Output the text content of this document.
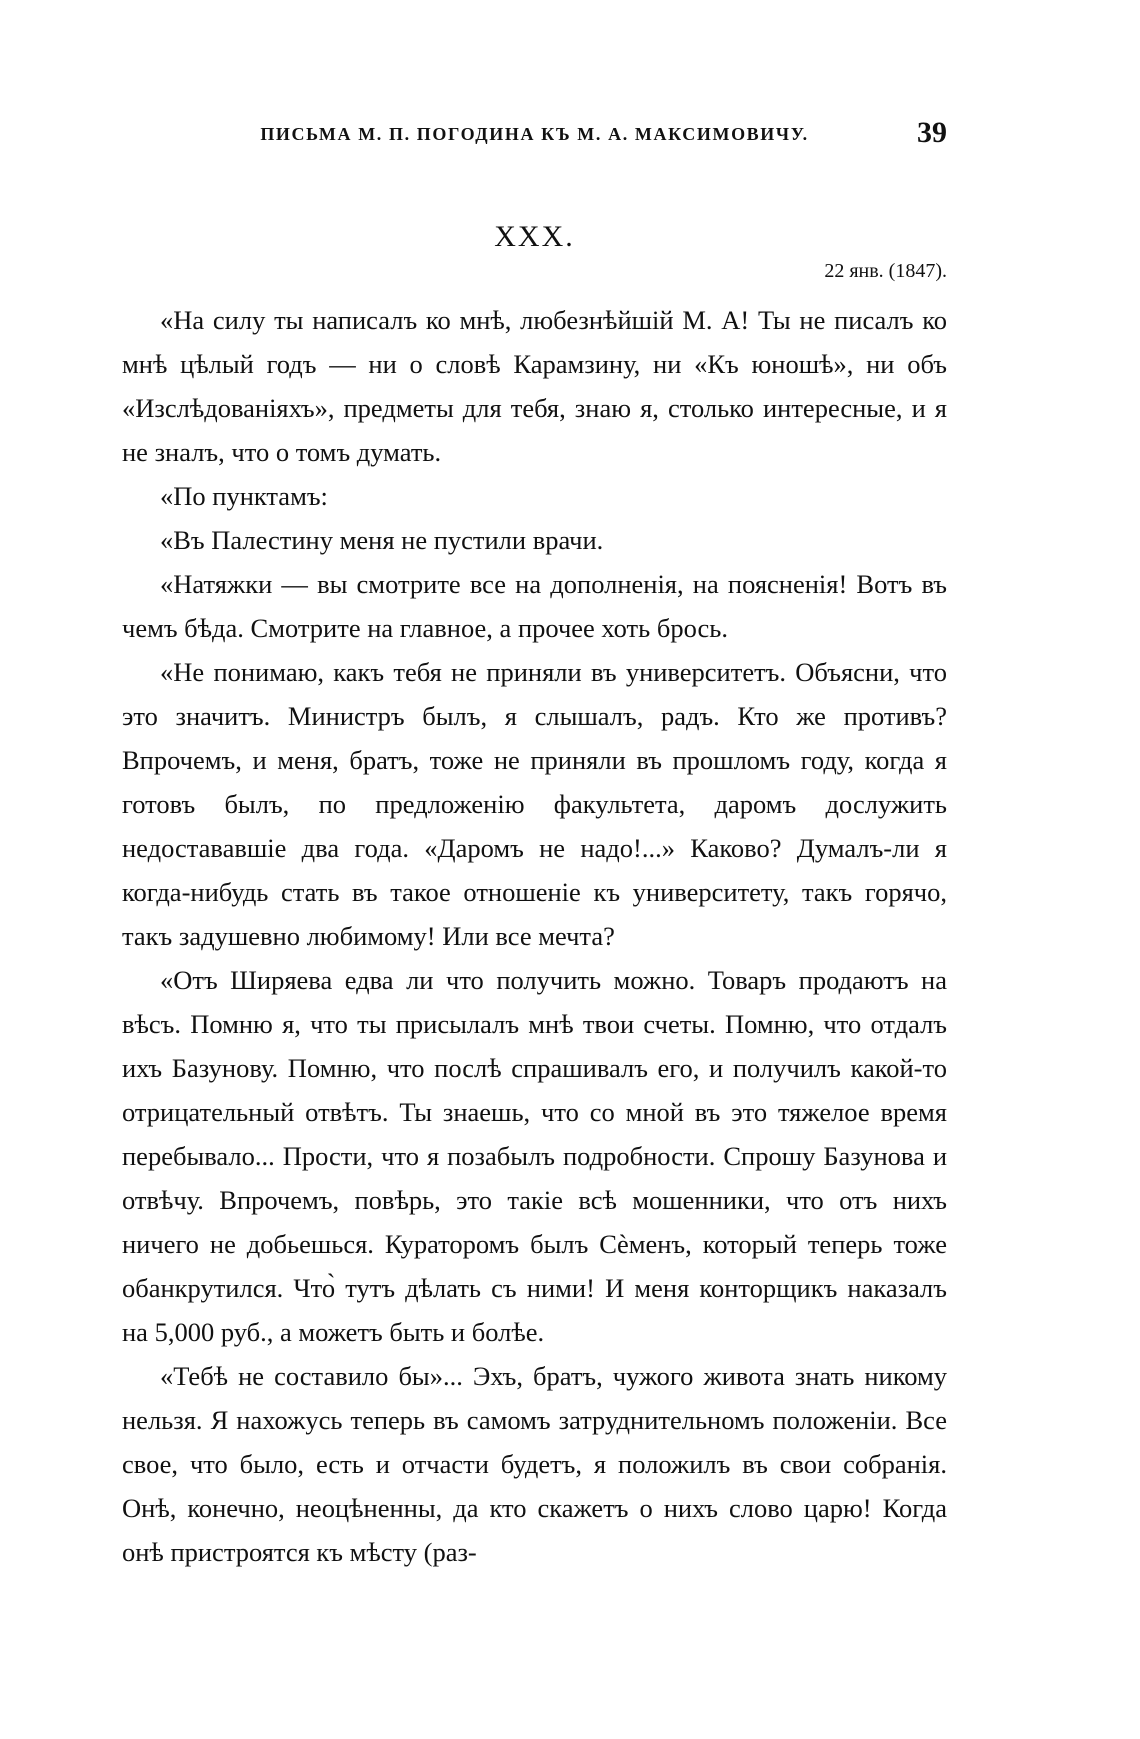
ПИСЬМА М. П. ПОГОДИНА КЪ М. А. МАКСИМОВИЧУ.	39
XXX.
22 янв. (1847).

«На силу ты написалъ ко мнѣ, любезнѣйшій М. А! Ты не писалъ ко мнѣ цѣлый годъ — ни о словѣ Карамзину, ни «Къ юношѣ», ни объ «Изслѣдованіяхъ», предметы для тебя, знаю я, столько интересные, и я не зналъ, что о томъ думать.

«По пунктамъ:

«Въ Палестину меня не пустили врачи.

«Натяжки — вы смотрите все на дополненія, на поясненія! Вотъ въ чемъ бѣда. Смотрите на главное, а прочее хоть брось.

«Не понимаю, какъ тебя не приняли въ университетъ. Объясни, что это значитъ. Министръ былъ, я слышалъ, радъ. Кто же противъ? Впрочемъ, и меня, братъ, тоже не приняли въ прошломъ году, когда я готовъ былъ, по предложенію факультета, даромъ дослужить недостававшіе два года. «Даромъ не надо!...» Каково? Думалъ-ли я когда-нибудь стать въ такое отношеніе къ университету, такъ горячо, такъ задушевно любимому! Или все мечта?

«Отъ Ширяева едва ли что получить можно. Товаръ продаютъ на вѣсъ. Помню я, что ты присылалъ мнѣ твои счеты. Помню, что отдалъ ихъ Базунову. Помню, что послѣ спрашивалъ его, и получилъ какой-то отрицательный отвѣтъ. Ты знаешь, что со мной въ это тяжелое время перебывало... Прости, что я позабылъ подробности. Спрошу Базунова и отвѣчу. Впрочемъ, повѣрь, это такіе всѣ мошенники, что отъ нихъ ничего не добьешься. Кураторомъ былъ Сѐменъ, который теперь тоже обанкрутился. Что̀ тутъ дѣлать съ ними! И меня конторщикъ наказалъ на 5,000 руб., а можетъ быть и болѣе.

«Тебѣ не составило бы»... Эхъ, братъ, чужого живота знать никому нельзя. Я нахожусь теперь въ самомъ затруднительномъ положеніи. Все свое, что было, есть и отчасти будетъ, я положилъ въ свои собранія. Онѣ, конечно, неоцѣненны, да кто скажетъ о нихъ слово царю! Когда онѣ пристроятся къ мѣсту (раз-
